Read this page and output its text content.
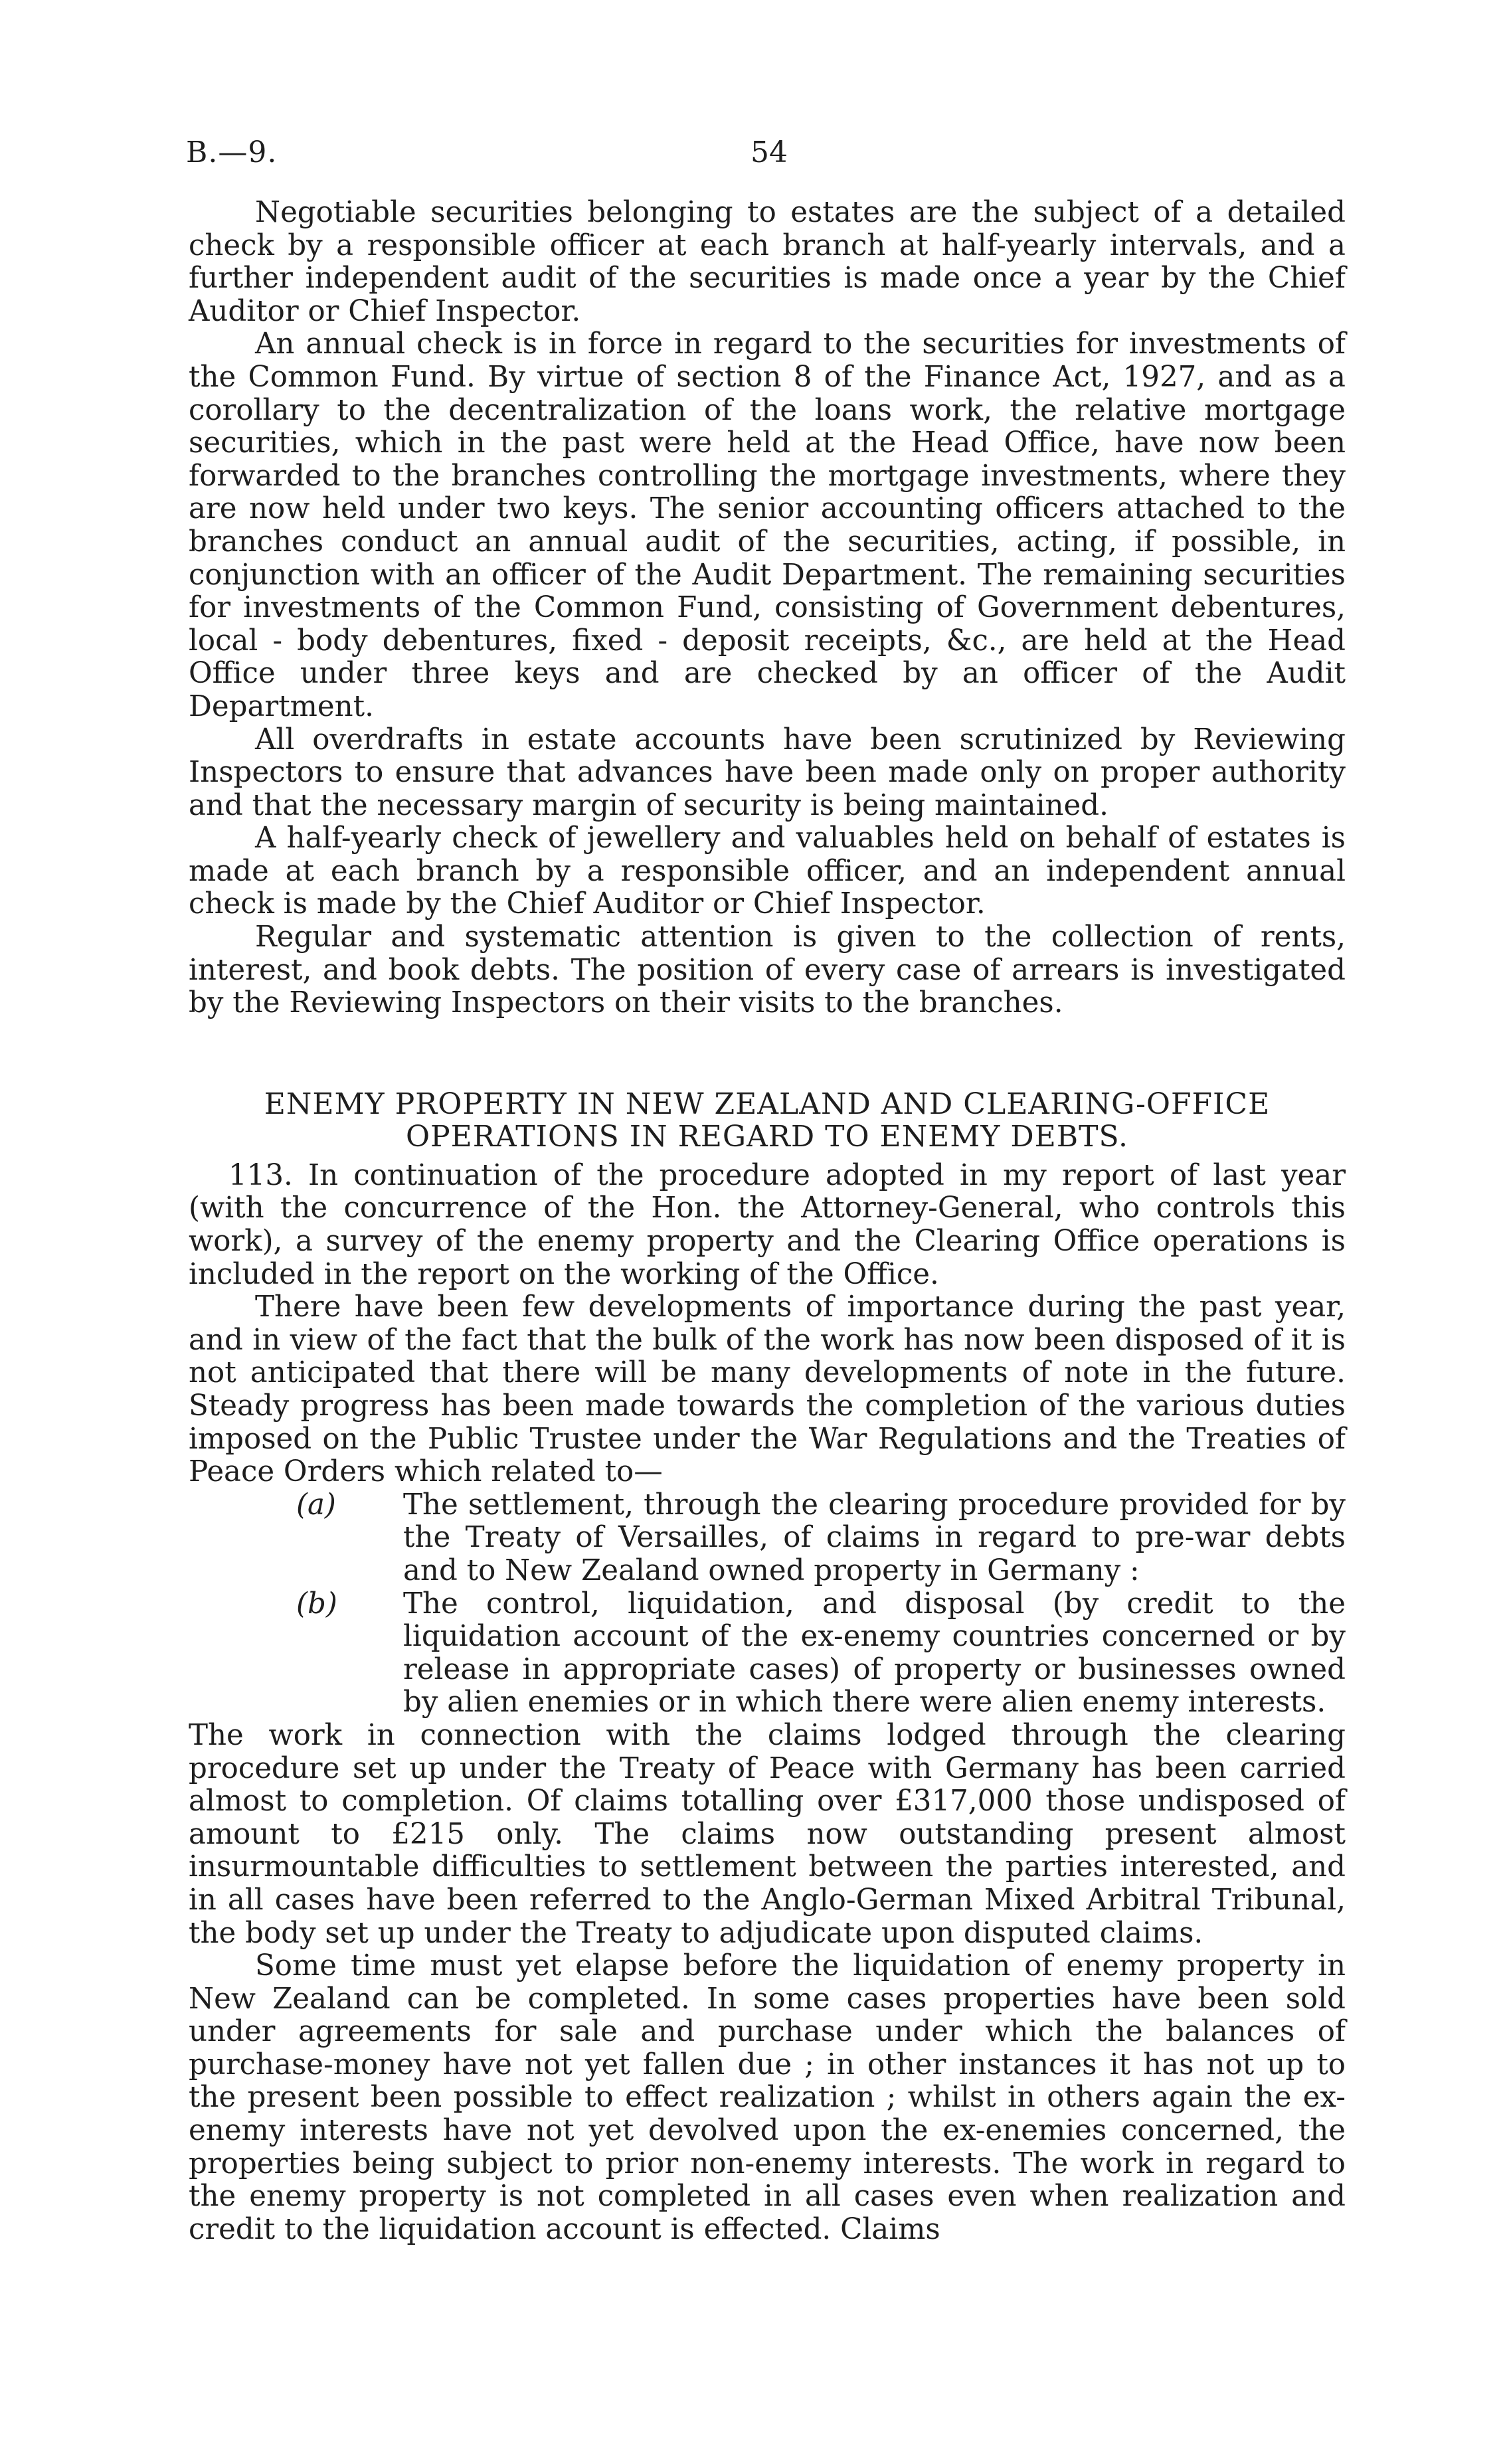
B.—9.	54

Negotiable securities belonging to estates are the subject of a detailed check by a responsible officer at each branch at half-yearly intervals, and a further independent audit of the securities is made once a year by the Chief Auditor or Chief Inspector.

An annual check is in force in regard to the securities for investments of the Common Fund. By virtue of section 8 of the Finance Act, 1927, and as a corollary to the decentralization of the loans work, the relative mortgage securities, which in the past were held at the Head Office, have now been forwarded to the branches controlling the mortgage investments, where they are now held under two keys. The senior accounting officers attached to the branches conduct an annual audit of the securities, acting, if possible, in conjunction with an officer of the Audit Department. The remaining securities for investments of the Common Fund, consisting of Government debentures, local - body debentures, fixed - deposit receipts, &c., are held at the Head Office under three keys and are checked by an officer of the Audit Department.

All overdrafts in estate accounts have been scrutinized by Reviewing Inspectors to ensure that advances have been made only on proper authority and that the necessary margin of security is being maintained.

A half-yearly check of jewellery and valuables held on behalf of estates is made at each branch by a responsible officer, and an independent annual check is made by the Chief Auditor or Chief Inspector.

Regular and systematic attention is given to the collection of rents, interest, and book debts. The position of every case of arrears is investigated by the Reviewing Inspectors on their visits to the branches.

ENEMY PROPERTY IN NEW ZEALAND AND CLEARING-OFFICE
OPERATIONS IN REGARD TO ENEMY DEBTS.

113. In continuation of the procedure adopted in my report of last year (with the concurrence of the Hon. the Attorney-General, who controls this work), a survey of the enemy property and the Clearing Office operations is included in the report on the working of the Office.

There have been few developments of importance during the past year, and in view of the fact that the bulk of the work has now been disposed of it is not anticipated that there will be many developments of note in the future. Steady progress has been made towards the completion of the various duties imposed on the Public Trustee under the War Regulations and the Treaties of Peace Orders which related to—

(a) The settlement, through the clearing procedure provided for by the Treaty of Versailles, of claims in regard to pre-war debts and to New Zealand owned property in Germany :
(b) The control, liquidation, and disposal (by credit to the liquidation account of the ex-enemy countries concerned or by release in appropriate cases) of property or businesses owned by alien enemies or in which there were alien enemy interests.

The work in connection with the claims lodged through the clearing procedure set up under the Treaty of Peace with Germany has been carried almost to completion. Of claims totalling over £317,000 those undisposed of amount to £215 only. The claims now outstanding present almost insurmountable difficulties to settlement between the parties interested, and in all cases have been referred to the Anglo-German Mixed Arbitral Tribunal, the body set up under the Treaty to adjudicate upon disputed claims.

Some time must yet elapse before the liquidation of enemy property in New Zealand can be completed. In some cases properties have been sold under agreements for sale and purchase under which the balances of purchase-money have not yet fallen due ; in other instances it has not up to the present been possible to effect realization ; whilst in others again the ex-enemy interests have not yet devolved upon the ex-enemies concerned, the properties being subject to prior non-enemy interests. The work in regard to the enemy property is not completed in all cases even when realization and credit to the liquidation account is effected. Claims
